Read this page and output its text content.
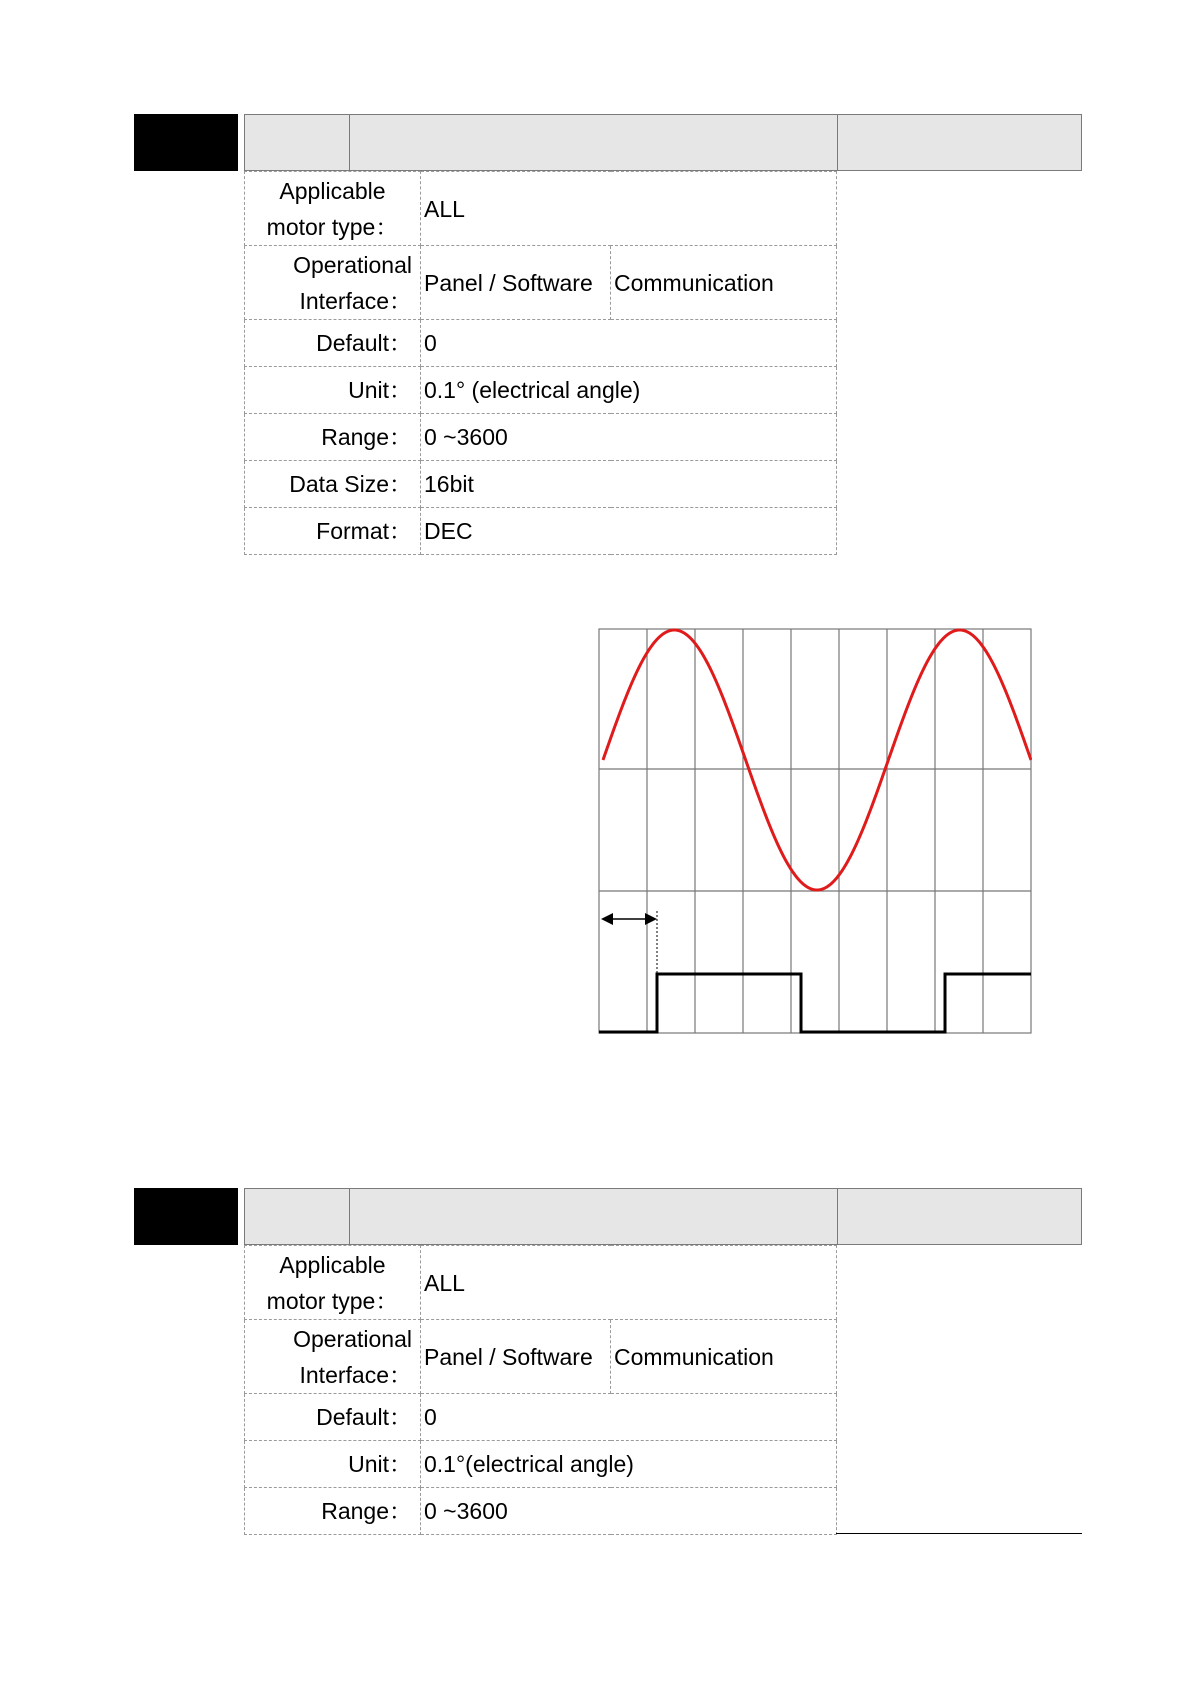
Applicable
motor type：	ALL	

Operational
Interface：	Panel / Software	Communication
Default：	0	
Unit：	0.1° (electrical angle)	
Range：	0 ~3600	
Data Size：	16bit	
Format：	DEC	
Applicable
motor type：	ALL	

Operational
Interface：	Panel / Software	Communication
Default：	0	
Unit：	0.1°(electrical angle)	
Range：	0 ~3600	
